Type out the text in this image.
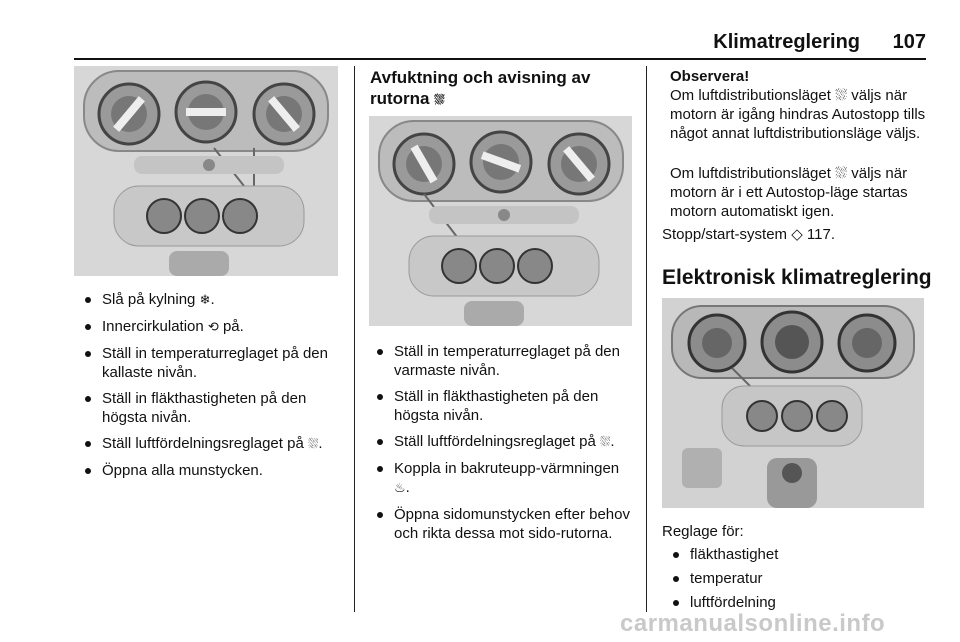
Klimatreglering	107
Slå på kylning ❄.
Innercirkulation ⟲ på.
Ställ in temperaturreglaget på den kallaste nivån.
Ställ in fläkthastigheten på den högsta nivån.
Ställ luftfördelningsreglaget på ⛆.
Öppna alla munstycken.
Avfuktning och avisning av
rutorna ⛆
Ställ in temperaturreglaget på den varmaste nivån.
Ställ in fläkthastigheten på den högsta nivån.
Ställ luftfördelningsreglaget på ⛆.
Koppla in bakruteupp-värmningen ♨.
Öppna sidomunstycken efter behov och rikta dessa mot sido-rutorna.
Observera!
Om luftdistributionsläget ⛆ väljs när motorn är igång hindras Autostopp tills något annat luftdistributionsläge väljs.
Om luftdistributionsläget ⛆ väljs när motorn är i ett Autostop-läge startas motorn automatiskt igen.
Stopp/start-system ◇ 117.
Elektronisk klimatreglering
Reglage för:
fläkthastighet
temperatur
luftfördelning
carmanualsonline.info
